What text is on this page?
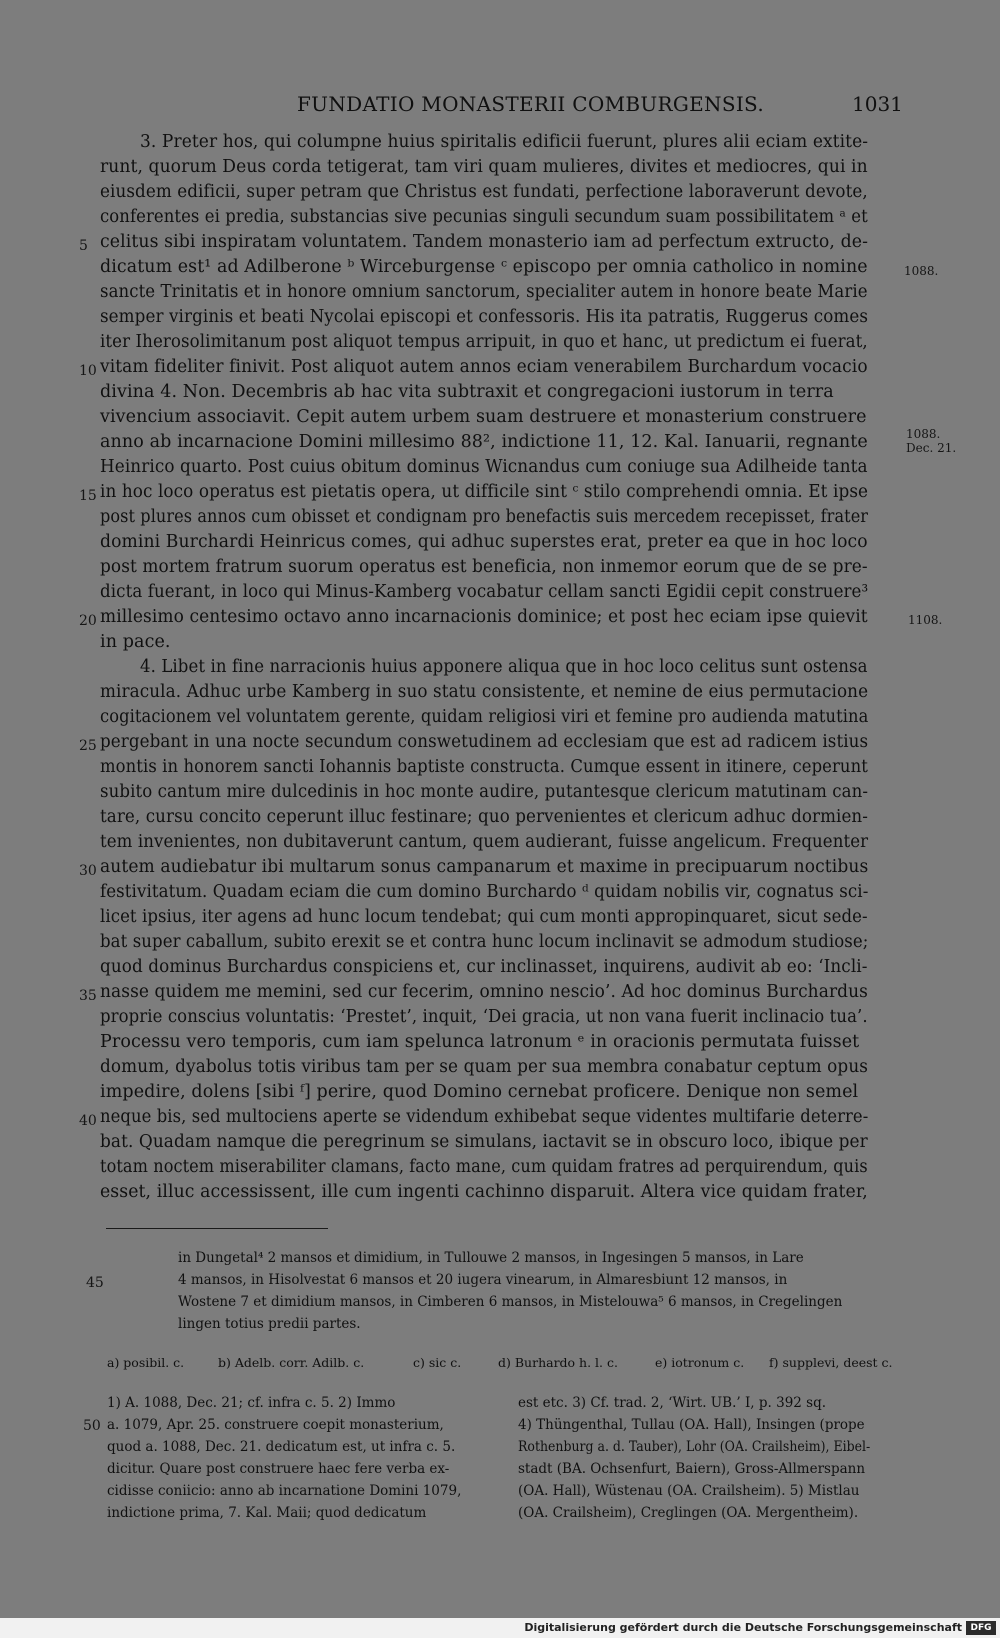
FUNDATIO MONASTERII COMBURGENSIS.	1031
3. Preter hos, qui columpne huius spiritalis edificii fuerunt, plures alii eciam extite-
runt, quorum Deus corda tetigerat, tam viri quam mulieres, divites et mediocres, qui in
eiusdem edificii, super petram que Christus est fundati, perfectione laboraverunt devote,
conferentes ei predia, substancias sive pecunias singuli secundum suam possibilitatem ᵃ et
celitus sibi inspiratam voluntatem. Tandem monasterio iam ad perfectum extructo, de-
dicatum est¹ ad Adilberone ᵇ Wirceburgense ᶜ episcopo per omnia catholico in nomine
sancte Trinitatis et in honore omnium sanctorum, specialiter autem in honore beate Marie
semper virginis et beati Nycolai episcopi et confessoris. His ita patratis, Ruggerus comes
iter Iherosolimitanum post aliquot tempus arripuit, in quo et hanc, ut predictum ei fuerat,
vitam fideliter finivit. Post aliquot autem annos eciam venerabilem Burchardum vocacio
divina 4. Non. Decembris ab hac vita subtraxit et congregacioni iustorum in terra
vivencium associavit. Cepit autem urbem suam destruere et monasterium construere
anno ab incarnacione Domini millesimo 88², indictione 11, 12. Kal. Ianuarii, regnante
Heinrico quarto. Post cuius obitum dominus Wicnandus cum coniuge sua Adilheide tanta
in hoc loco operatus est pietatis opera, ut difficile sint ᶜ stilo comprehendi omnia. Et ipse
post plures annos cum obisset et condignam pro benefactis suis mercedem recepisset, frater
domini Burchardi Heinricus comes, qui adhuc superstes erat, preter ea que in hoc loco
post mortem fratrum suorum operatus est beneficia, non inmemor eorum que de se pre-
dicta fuerant, in loco qui Minus-Kamberg vocabatur cellam sancti Egidii cepit construere³
millesimo centesimo octavo anno incarnacionis dominice; et post hec eciam ipse quievit
in pace.
4. Libet in fine narracionis huius apponere aliqua que in hoc loco celitus sunt ostensa
miracula. Adhuc urbe Kamberg in suo statu consistente, et nemine de eius permutacione
cogitacionem vel voluntatem gerente, quidam religiosi viri et femine pro audienda matutina
pergebant in una nocte secundum conswetudinem ad ecclesiam que est ad radicem istius
montis in honorem sancti Iohannis baptiste constructa. Cumque essent in itinere, ceperunt
subito cantum mire dulcedinis in hoc monte audire, putantesque clericum matutinam can-
tare, cursu concito ceperunt illuc festinare; quo pervenientes et clericum adhuc dormien-
tem invenientes, non dubitaverunt cantum, quem audierant, fuisse angelicum. Frequenter
autem audiebatur ibi multarum sonus campanarum et maxime in precipuarum noctibus
festivitatum. Quadam eciam die cum domino Burchardo ᵈ quidam nobilis vir, cognatus sci-
licet ipsius, iter agens ad hunc locum tendebat; qui cum monti appropinquaret, sicut sede-
bat super caballum, subito erexit se et contra hunc locum inclinavit se admodum studiose;
quod dominus Burchardus conspiciens et, cur inclinasset, inquirens, audivit ab eo: ‘Incli-
nasse quidem me memini, sed cur fecerim, omnino nescio’. Ad hoc dominus Burchardus
proprie conscius voluntatis: ‘Prestet’, inquit, ‘Dei gracia, ut non vana fuerit inclinacio tua’.
Processu vero temporis, cum iam spelunca latronum ᵉ in oracionis permutata fuisset
domum, dyabolus totis viribus tam per se quam per sua membra conabatur ceptum opus
impedire, dolens [sibi ᶠ] perire, quod Domino cernebat proficere. Denique non semel
neque bis, sed multociens aperte se videndum exhibebat seque videntes multifarie deterre-
bat. Quadam namque die peregrinum se simulans, iactavit se in obscuro loco, ibique per
totam noctem miserabiliter clamans, facto mane, cum quidam fratres ad perquirendum, quis
esset, illuc accessissent, ille cum ingenti cachinno disparuit. Altera vice quidam frater,
5
10
15
20
25
30
35
40
1088.
1088.
Dec. 21.
1108.
45
in Dungetal⁴ 2 mansos et dimidium, in Tullouwe 2 mansos, in Ingesingen 5 mansos, in Lare
4 mansos, in Hisolvestat 6 mansos et 20 iugera vinearum, in Almaresbiunt 12 mansos, in
Wostene 7 et dimidium mansos, in Cimberen 6 mansos, in Mistelouwa⁵ 6 mansos, in Cregelingen
lingen totius predii partes.
a) posibil. c.	b) Adelb. corr. Adilb. c.	c) sic c.	d) Burhardo h. l. c.	e) iotronum c. f) supplevi, deest c.
50
1) A. 1088, Dec. 21; cf. infra c. 5. 2) Immo
a. 1079, Apr. 25. construere coepit monasterium,
quod a. 1088, Dec. 21. dedicatum est, ut infra c. 5.
dicitur. Quare post construere haec fere verba ex-
cidisse coniicio: anno ab incarnatione Domini 1079,
indictione prima, 7. Kal. Maii; quod dedicatum
est etc. 3) Cf. trad. 2, ‘Wirt. UB.’ I, p. 392 sq.
4) Thüngenthal, Tullau (OA. Hall), Insingen (prope
Rothenburg a. d. Tauber), Lohr (OA. Crailsheim), Eibel-
stadt (BA. Ochsenfurt, Baiern), Gross-Allmerspann
(OA. Hall), Wüstenau (OA. Crailsheim). 5) Mistlau
(OA. Crailsheim), Creglingen (OA. Mergentheim).
Digitalisierung gefördert durch die Deutsche Forschungsgemeinschaft DFG
